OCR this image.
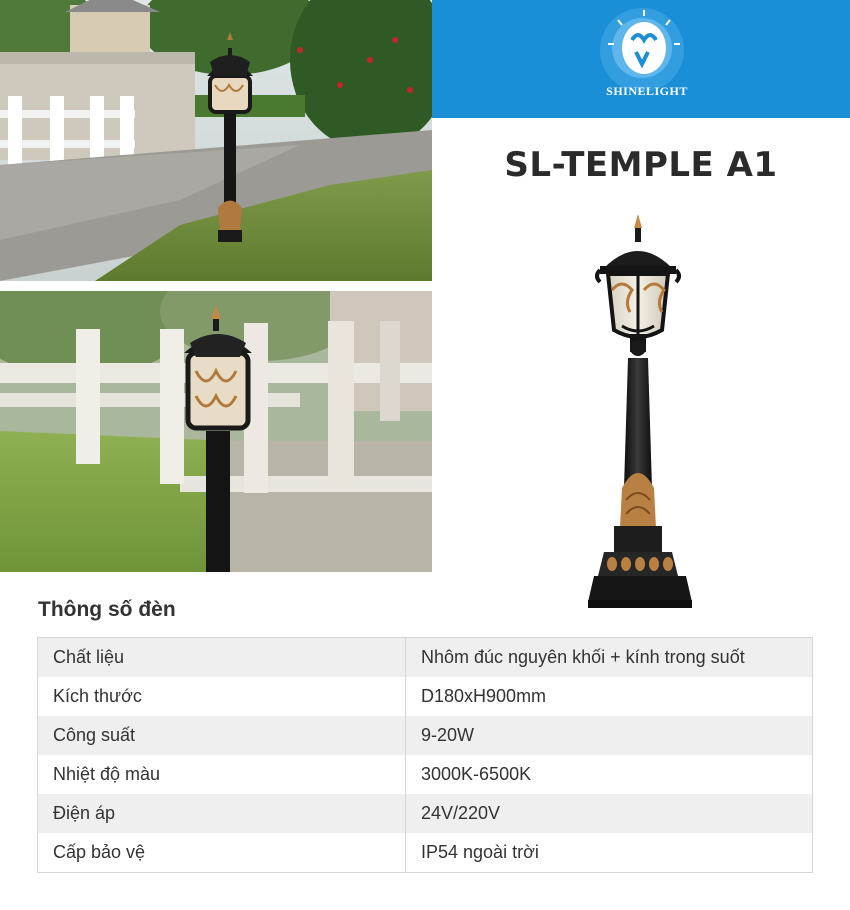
SHINELIGHT
SL-TEMPLE A1
Thông số đèn
Chất liệu	Nhôm đúc nguyên khối + kính trong suốt
Kích thước	D180xH900mm
Công suất	9-20W
Nhiệt độ màu	3000K-6500K
Điện áp	24V/220V
Cấp bảo vệ	IP54 ngoài trời
